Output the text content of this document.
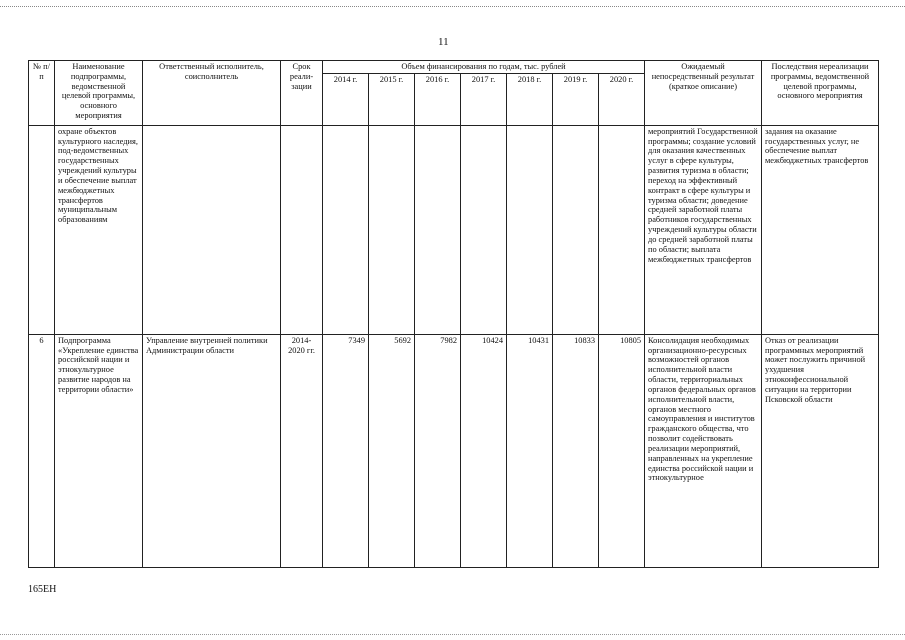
11
№ п/п	Наименование подпрограммы, ведомственной целевой программы, основного мероприятия	Ответственный исполнитель, соисполнитель	Срок реали-зации	Объем финансирования по годам, тыс. рублей							Ожидаемый непосредственный результат (краткое описание)	Последствия нереализации программы, ведомственной целевой программы, основного мероприятия
				2014 г.	2015 г.	2016 г.	2017 г.	2018 г.	2019 г.	2020 г.		
	охране объектов культурного наследия, под-ведомственных государственных учреждений культуры и обеспечение выплат межбюджетных трансфертов муниципальным образованиям										мероприятий Государственной программы; создание условий для оказания качественных услуг в сфере культуры, развития туризма в области; переход на эффективный контракт в сфере культуры и туризма области; доведение средней заработной платы работников государственных учреждений культуры области до средней заработной платы по области; выплата межбюджетных трансфертов	задания на оказание государственных услуг, не обеспечение выплат межбюджетных трансфертов
6	Подпрограмма «Укрепление единства российской нации и этнокультурное развитие народов на территории области»	Управление внутренней политики Администрации области	2014-2020 гг.	7349	5692	7982	10424	10431	10833	10805	Консолидация необходимых организационно-ресурсных возможностей органов исполнительной власти области, территориальных органов федеральных органов исполнительной власти, органов местного самоуправления и институтов гражданского общества, что позволит содействовать реализации мероприятий, направленных на укрепление единства российской нации и этнокультурное	Отказ от реализации программных мероприятий может послужить причиной ухудшения этноконфессиональной ситуации на территории Псковской области
165ЕН
